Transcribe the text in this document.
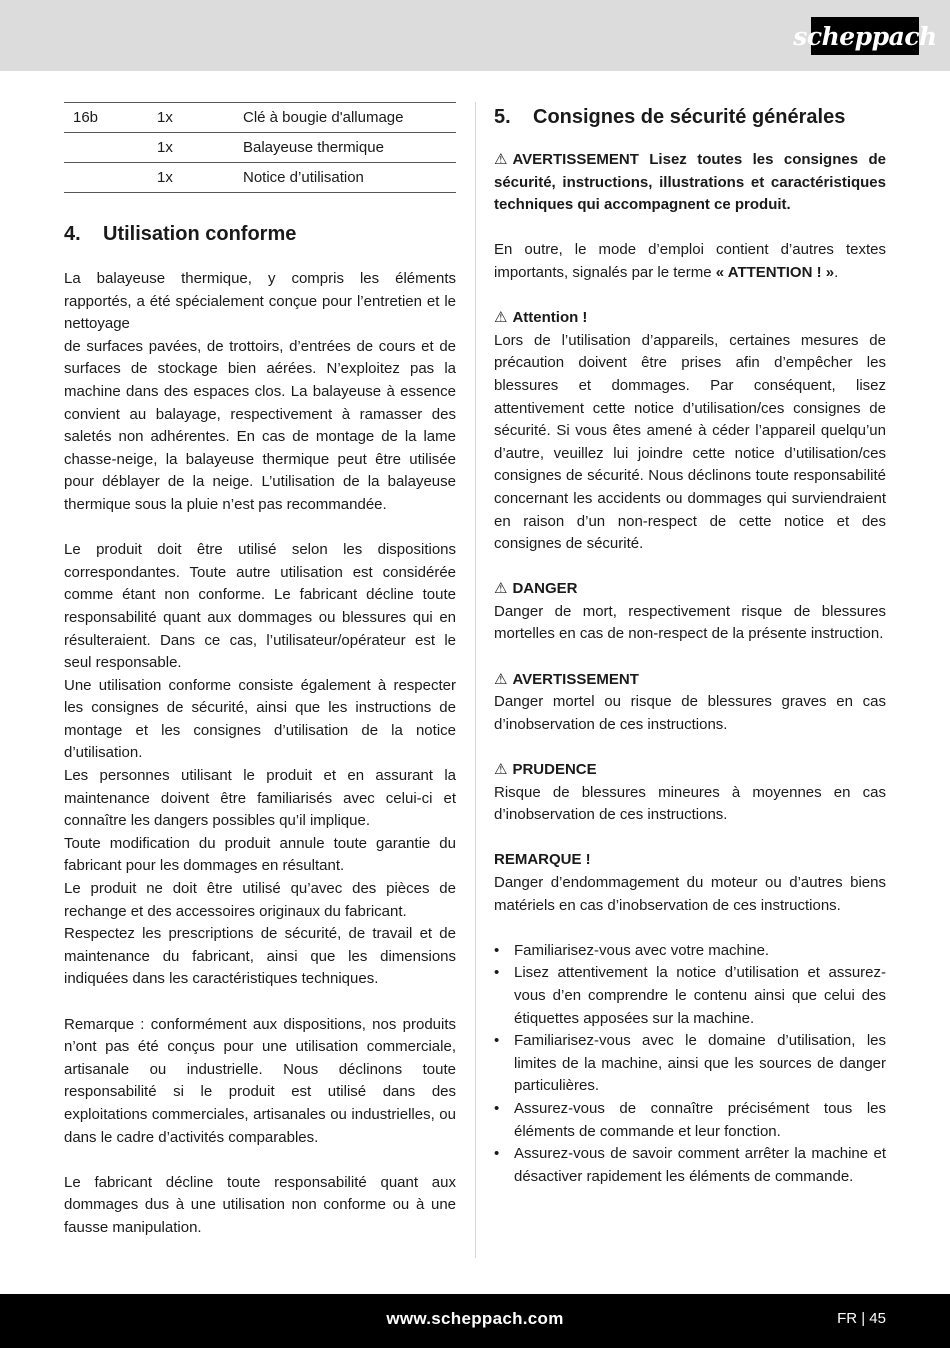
scheppach
16b	1x	Clé à bougie d'allumage
	1x	Balayeuse thermique
	1x	Notice d’utilisation
4.	Utilisation conforme

La balayeuse thermique, y compris les éléments rapportés, a été spécialement conçue pour l’entretien et le nettoyage

de surfaces pavées, de trottoirs, d’entrées de cours et de surfaces de stockage bien aérées. N’exploitez pas la machine dans des espaces clos. La balayeuse à essence convient au balayage, respectivement à ramasser des saletés non adhérentes. En cas de montage de la lame chasse-neige, la balayeuse thermique peut être utilisée pour déblayer de la neige. L’utilisation de la balayeuse thermique sous la pluie n’est pas recommandée.

Le produit doit être utilisé selon les dispositions correspondantes. Toute autre utilisation est considérée comme étant non conforme. Le fabricant décline toute responsabilité quant aux dommages ou blessures qui en résulteraient. Dans ce cas, l’utilisateur/opérateur est le seul responsable.

Une utilisation conforme consiste également à respecter les consignes de sécurité, ainsi que les instructions de montage et les consignes d’utilisation de la notice d’utilisation.

Les personnes utilisant le produit et en assurant la maintenance doivent être familiarisés avec celui-ci et connaître les dangers possibles qu’il implique.

Toute modification du produit annule toute garantie du fabricant pour les dommages en résultant.

Le produit ne doit être utilisé qu’avec des pièces de rechange et des accessoires originaux du fabricant.

Respectez les prescriptions de sécurité, de travail et de maintenance du fabricant, ainsi que les dimensions indiquées dans les caractéristiques techniques.

Remarque : conformément aux dispositions, nos produits n’ont pas été conçus pour une utilisation commerciale, artisanale ou industrielle. Nous déclinons toute responsabilité si le produit est utilisé dans des exploitations commerciales, artisanales ou industrielles, ou dans le cadre d’activités comparables.

Le fabricant décline toute responsabilité quant aux dommages dus à une utilisation non conforme ou à une fausse manipulation.

5.	Consignes de sécurité générales

⚠ AVERTISSEMENT Lisez toutes les consignes de sécurité, instructions, illustrations et caractéristiques techniques qui accompagnent ce produit.

En outre, le mode d’emploi contient d’autres textes importants, signalés par le terme « ATTENTION ! ».

⚠ Attention !

Lors de l’utilisation d’appareils, certaines mesures de précaution doivent être prises afin d’empêcher les blessures et dommages. Par conséquent, lisez attentivement cette notice d’utilisation/ces consignes de sécurité. Si vous êtes amené à céder l’appareil quelqu’un d’autre, veuillez lui joindre cette notice d’utilisation/ces consignes de sécurité. Nous déclinons toute responsabilité concernant les accidents ou dommages qui surviendraient en raison d’un non-respect de cette notice et des consignes de sécurité.

⚠ DANGER

Danger de mort, respectivement risque de blessures mortelles en cas de non-respect de la présente instruction.

⚠ AVERTISSEMENT

Danger mortel ou risque de blessures graves en cas d’inobservation de ces instructions.

⚠ PRUDENCE

Risque de blessures mineures à moyennes en cas d’inobservation de ces instructions.

REMARQUE !

Danger d’endommagement du moteur ou d’autres biens matériels en cas d’inobservation de ces instructions.

• Familiarisez-vous avec votre machine.
• Lisez attentivement la notice d’utilisation et assurez-vous d’en comprendre le contenu ainsi que celui des étiquettes apposées sur la machine.
• Familiarisez-vous avec le domaine d’utilisation, les limites de la machine, ainsi que les sources de danger particulières.
• Assurez-vous de connaître précisément tous les éléments de commande et leur fonction.
• Assurez-vous de savoir comment arrêter la machine et désactiver rapidement les éléments de commande.
www.scheppach.com	FR | 45
